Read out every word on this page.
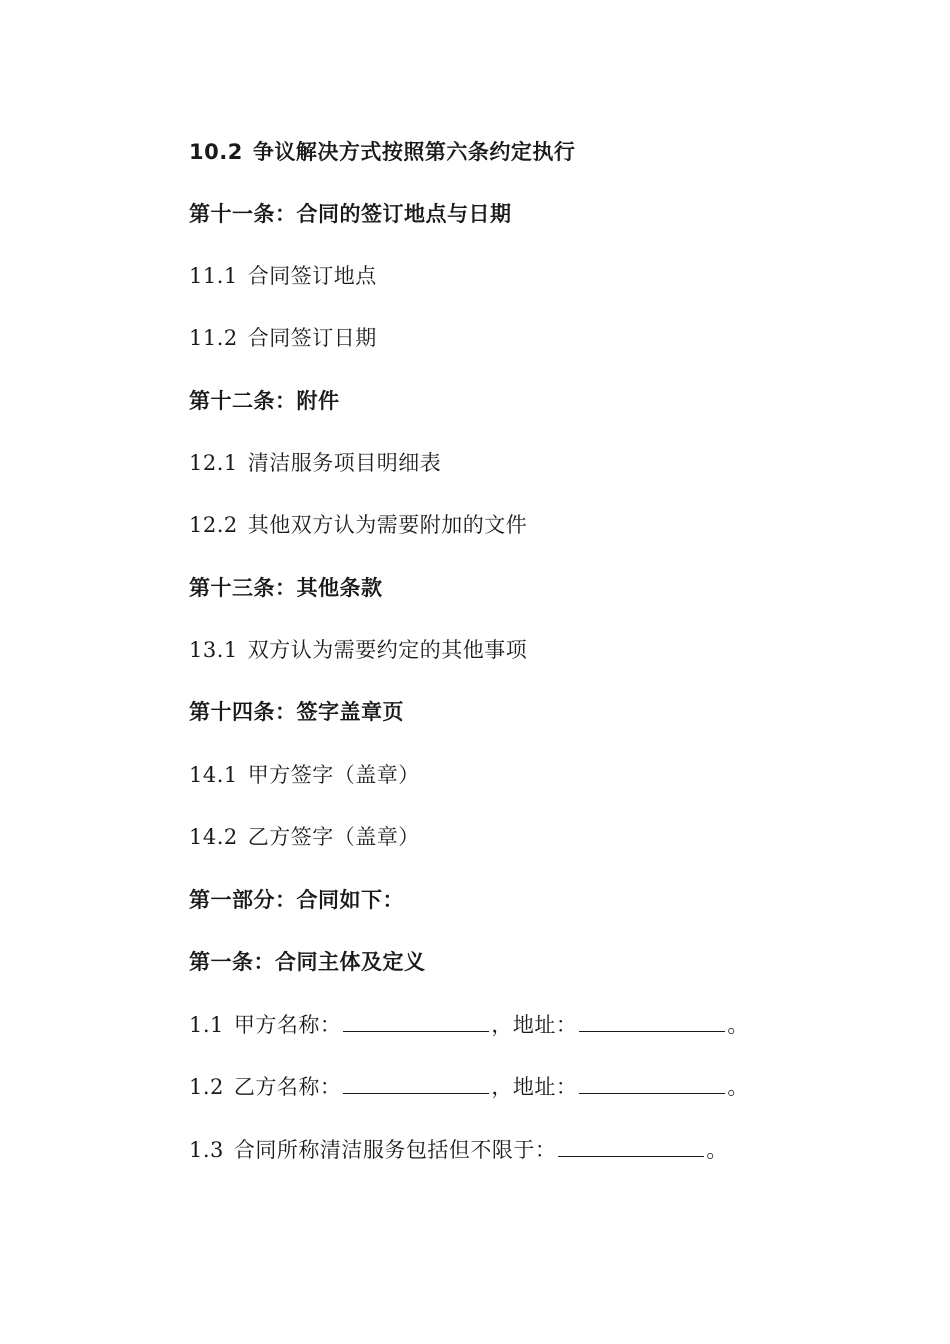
10.2 争议解决方式按照第六条约定执行
第十一条：合同的签订地点与日期
11.1 合同签订地点
11.2 合同签订日期
第十二条：附件
12.1 清洁服务项目明细表
12.2 其他双方认为需要附加的文件
第十三条：其他条款
13.1 双方认为需要约定的其他事项
第十四条：签字盖章页
14.1 甲方签字（盖章）
14.2 乙方签字（盖章）
第一部分：合同如下：
第一条：合同主体及定义
1.1 甲方名称：	，地址：	。
1.2 乙方名称：	，地址：	。
1.3 合同所称清洁服务包括但不限于：	。
